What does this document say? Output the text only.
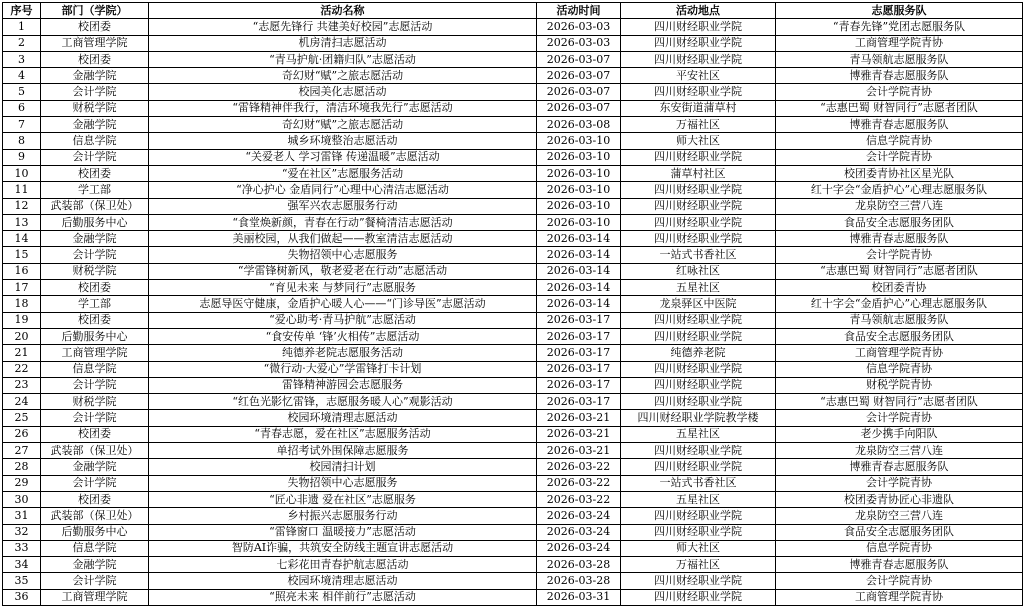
序号	部门（学院）	活动名称	活动时间	活动地点	志愿服务队
1	校团委	“志愿先锋行 共建美好校园”志愿活动	2026-03-03	四川财经职业学院	“青春先锋”党团志愿服务队
2	工商管理学院	机房清扫志愿活动	2026-03-03	四川财经职业学院	工商管理学院青协
3	校团委	“青马护航·团籍归队”志愿活动	2026-03-07	四川财经职业学院	青马领航志愿服务队
4	金融学院	奇幻财“赋”之旅志愿活动	2026-03-07	平安社区	博雅青春志愿服务队
5	会计学院	校园美化志愿活动	2026-03-07	四川财经职业学院	会计学院青协
6	财税学院	“雷锋精神伴我行，清洁环境我先行”志愿活动	2026-03-07	东安街道蒲草村	“志惠巴蜀 财智同行”志愿者团队
7	金融学院	奇幻财“赋”之旅志愿活动	2026-03-08	万福社区	博雅青春志愿服务队
8	信息学院	城乡环境整治志愿活动	2026-03-10	师大社区	信息学院青协
9	会计学院	“关爱老人 学习雷锋 传递温暖”志愿活动	2026-03-10	四川财经职业学院	会计学院青协
10	校团委	“爱在社区”志愿服务活动	2026-03-10	蒲草村社区	校团委青协社区星光队
11	学工部	“净心护心 金盾同行”心理中心清洁志愿活动	2026-03-10	四川财经职业学院	红十字会“金盾护心”心理志愿服务队
12	武装部（保卫处）	强军兴农志愿服务行动	2026-03-10	四川财经职业学院	龙泉防空三营八连
13	后勤服务中心	“食堂焕新颜，青春在行动”餐椅清洁志愿活动	2026-03-10	四川财经职业学院	食品安全志愿服务团队
14	金融学院	美丽校园，从我们做起——教室清洁志愿活动	2026-03-14	四川财经职业学院	博雅青春志愿服务队
15	会计学院	失物招领中心志愿服务	2026-03-14	一站式书香社区	会计学院青协
16	财税学院	“学雷锋树新风，敬老爱老在行动”志愿活动	2026-03-14	红咏社区	“志惠巴蜀 财智同行”志愿者团队
17	校团委	“育见未来 与梦同行”志愿服务	2026-03-14	五星社区	校团委青协
18	学工部	志愿导医守健康，金盾护心暖人心——“门诊导医”志愿活动	2026-03-14	龙泉驿区中医院	红十字会“金盾护心”心理志愿服务队
19	校团委	“爱心助考·青马护航”志愿活动	2026-03-17	四川财经职业学院	青马领航志愿服务队
20	后勤服务中心	“食安传单 ‘锋’火相传”志愿活动	2026-03-17	四川财经职业学院	食品安全志愿服务团队
21	工商管理学院	纯德养老院志愿服务活动	2026-03-17	纯德养老院	工商管理学院青协
22	信息学院	“微行动·大爱心”学雷锋打卡计划	2026-03-17	四川财经职业学院	信息学院青协
23	会计学院	雷锋精神游园会志愿服务	2026-03-17	四川财经职业学院	财税学院青协
24	财税学院	“红色光影忆雷锋，志愿服务暖人心”观影活动	2026-03-17	四川财经职业学院	“志惠巴蜀 财智同行”志愿者团队
25	会计学院	校园环境清理志愿活动	2026-03-21	四川财经职业学院教学楼	会计学院青协
26	校团委	“青春志愿，爱在社区”志愿服务活动	2026-03-21	五星社区	老少携手向阳队
27	武装部（保卫处）	单招考试外围保障志愿服务	2026-03-21	四川财经职业学院	龙泉防空三营八连
28	金融学院	校园清扫计划	2026-03-22	四川财经职业学院	博雅青春志愿服务队
29	会计学院	失物招领中心志愿服务	2026-03-22	一站式书香社区	会计学院青协
30	校团委	“匠心非遗 爱在社区”志愿服务	2026-03-22	五星社区	校团委青协匠心非遗队
31	武装部（保卫处）	乡村振兴志愿服务行动	2026-03-24	四川财经职业学院	龙泉防空三营八连
32	后勤服务中心	“雷锋窗口 温暖接力”志愿活动	2026-03-24	四川财经职业学院	食品安全志愿服务团队
33	信息学院	智防AI诈骗，共筑安全防线主题宣讲志愿活动	2026-03-24	师大社区	信息学院青协
34	金融学院	七彩花田青春护航志愿活动	2026-03-28	万福社区	博雅青春志愿服务队
35	会计学院	校园环境清理志愿活动	2026-03-28	四川财经职业学院	会计学院青协
36	工商管理学院	“照亮未来 相伴前行”志愿活动	2026-03-31	四川财经职业学院	工商管理学院青协
